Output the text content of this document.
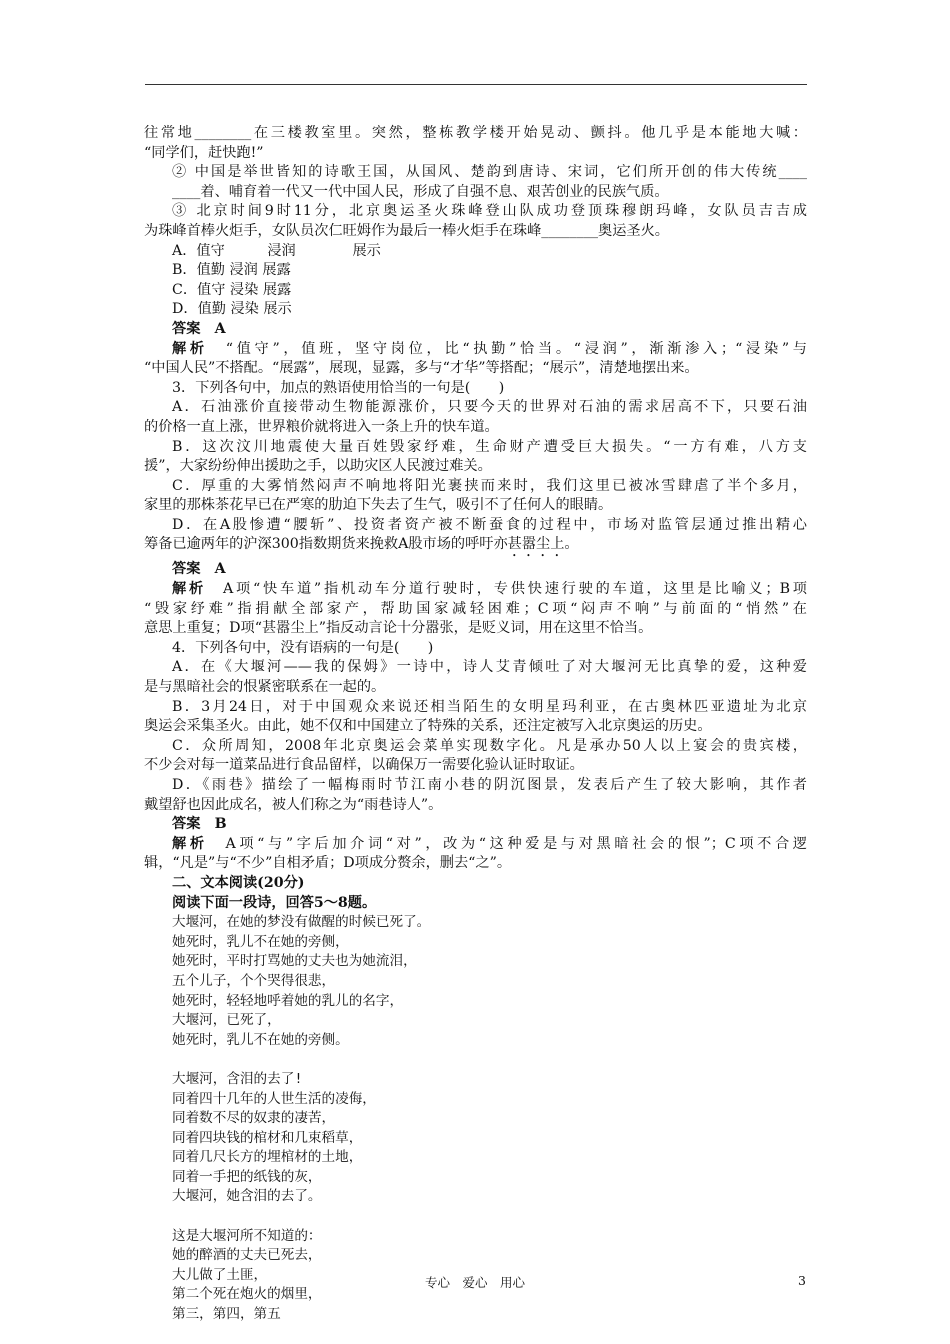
往常地________在三楼教室里。突然，整栋教学楼开始晃动、颤抖。他几乎是本能地大喊：
“同学们，赶快跑!”
② 中国是举世皆知的诗歌王国，从国风、楚韵到唐诗、宋词，它们所开创的伟大传统____
____着、哺育着一代又一代中国人民，形成了自强不息、艰苦创业的民族气质。
③ 北京时间9时11分，北京奥运圣火珠峰登山队成功登顶珠穆朗玛峰，女队员吉吉成
为珠峰首棒火炬手，女队员次仁旺姆作为最后一棒火炬手在珠峰________奥运圣火。
A．值守　　　浸润　　　　展示
B．值勤 浸润 展露
C．值守 浸染 展露
D．值勤 浸染 展示
答案　A
解析　“值守”，值班，坚守岗位，比“执勤”恰当。“浸润”，渐渐渗入；“浸染”与
“中国人民”不搭配。“展露”，展现，显露，多与“才华”等搭配；“展示”，清楚地摆出来。
3．下列各句中，加点的熟语使用恰当的一句是(　　)
A．石油涨价直接带动生物能源涨价，只要今天的世界对石油的需求居高不下，只要石油
的价格一直上涨，世界粮价就将进入一条上升的快车道。
B．这次汶川地震使大量百姓毁家纾难，生命财产遭受巨大损失。“一方有难，八方支
援”，大家纷纷伸出援助之手，以助灾区人民渡过难关。
C．厚重的大雾悄然闷声不响地将阳光裹挟而来时，我们这里已被冰雪肆虐了半个多月，
家里的那株茶花早已在严寒的肋迫下失去了生气，吸引不了任何人的眼睛。
D．在A股惨遭“腰斩”、投资者资产被不断蚕食的过程中，市场对监管层通过推出精心
筹备已逾两年的沪深300指数期货来挽救A股市场的呼吁亦甚嚣尘上。
答案　A
解析　A项“快车道”指机动车分道行驶时，专供快速行驶的车道，这里是比喻义；B项
“毁家纾难”指捐献全部家产，帮助国家减轻困难；C项“闷声不响”与前面的“悄然”在
意思上重复；D项“甚嚣尘上”指反动言论十分嚣张，是贬义词，用在这里不恰当。
4．下列各句中，没有语病的一句是(　　)
A．在《大堰河——我的保姆》一诗中，诗人艾青倾吐了对大堰河无比真挚的爱，这种爱
是与黑暗社会的恨紧密联系在一起的。
B．3月24日，对于中国观众来说还相当陌生的女明星玛利亚，在古奥林匹亚遗址为北京
奥运会采集圣火。由此，她不仅和中国建立了特殊的关系，还注定被写入北京奥运的历史。
C．众所周知，2008年北京奥运会菜单实现数字化。凡是承办50人以上宴会的贵宾楼，
不少会对每一道菜品进行食品留样，以确保万一需要化验认证时取证。
D．《雨巷》描绘了一幅梅雨时节江南小巷的阴沉图景，发表后产生了较大影响，其作者
戴望舒也因此成名，被人们称之为“雨巷诗人”。
答案　B
解析　A项“与”字后加介词“对”，改为“这种爱是与对黑暗社会的恨”；C项不合逻
辑，“凡是”与“不少”自相矛盾；D项成分赘余，删去“之”。
二、文本阅读(20分)
阅读下面一段诗，回答5～8题。
大堰河，在她的梦没有做醒的时候已死了。
她死时，乳儿不在她的旁侧，
她死时，平时打骂她的丈夫也为她流泪，
五个儿子，个个哭得很悲，
她死时，轻轻地呼着她的乳儿的名字，
大堰河，已死了，
她死时，乳儿不在她的旁侧。
大堰河，含泪的去了!
同着四十几年的人世生活的凌侮，
同着数不尽的奴隶的凄苦，
同着四块钱的棺材和几束稻草，
同着几尺长方的埋棺材的土地，
同着一手把的纸钱的灰，
大堰河，她含泪的去了。
这是大堰河所不知道的：
她的醉酒的丈夫已死去，
大儿做了土匪，
第二个死在炮火的烟里，
第三，第四，第五
专心　爱心　用心	3
